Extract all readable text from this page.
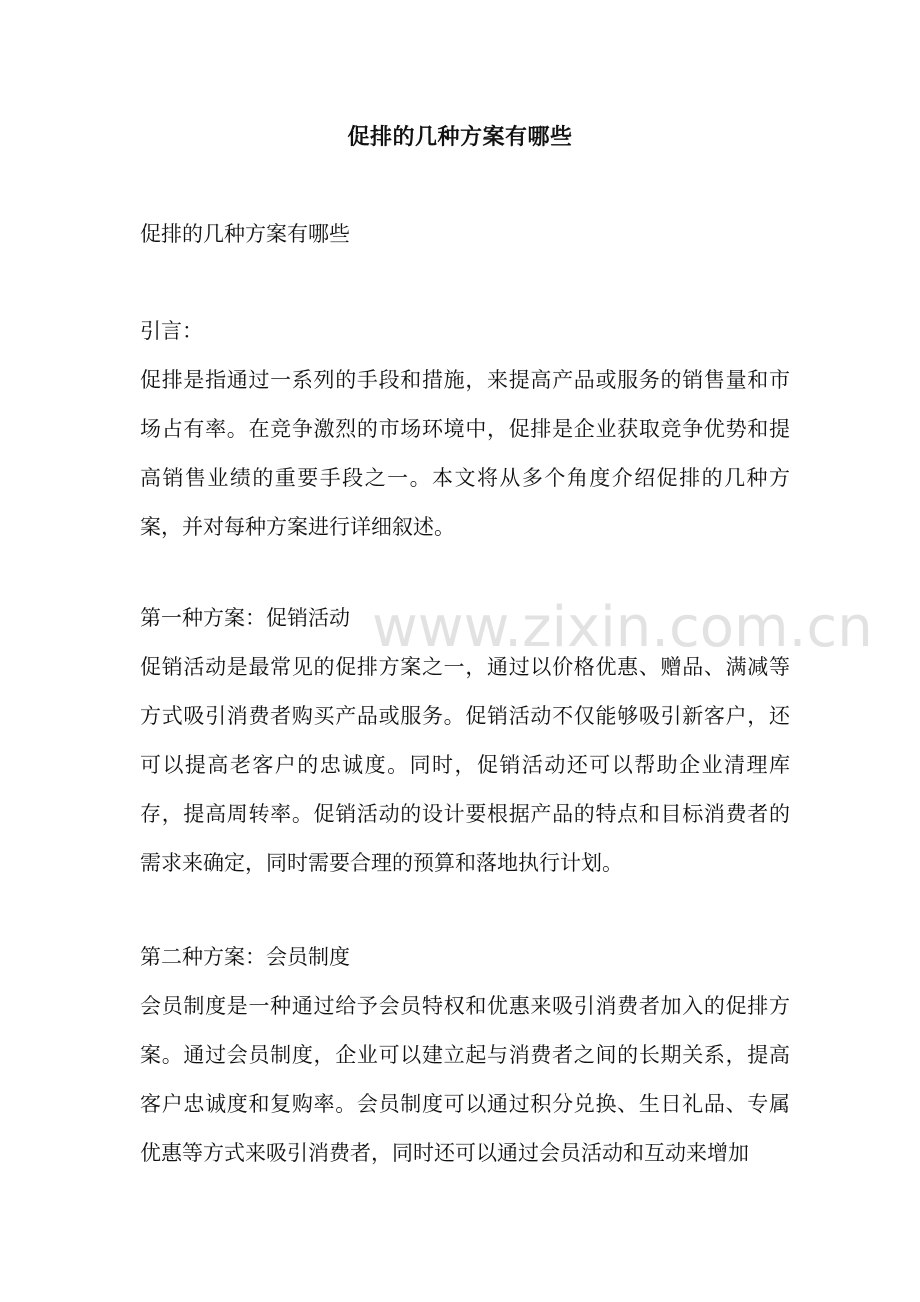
促排的几种方案有哪些
促排的几种方案有哪些
引言：

促排是指通过一系列的手段和措施，来提高产品或服务的销售量和市场占有率。在竞争激烈的市场环境中，促排是企业获取竞争优势和提高销售业绩的重要手段之一。本文将从多个角度介绍促排的几种方案，并对每种方案进行详细叙述。

第一种方案：促销活动

促销活动是最常见的促排方案之一，通过以价格优惠、赠品、满减等方式吸引消费者购买产品或服务。促销活动不仅能够吸引新客户，还可以提高老客户的忠诚度。同时，促销活动还可以帮助企业清理库存，提高周转率。促销活动的设计要根据产品的特点和目标消费者的需求来确定，同时需要合理的预算和落地执行计划。

第二种方案：会员制度

会员制度是一种通过给予会员特权和优惠来吸引消费者加入的促排方案。通过会员制度，企业可以建立起与消费者之间的长期关系，提高客户忠诚度和复购率。会员制度可以通过积分兑换、生日礼品、专属优惠等方式来吸引消费者，同时还可以通过会员活动和互动来增加

www.zixin.com.cn
